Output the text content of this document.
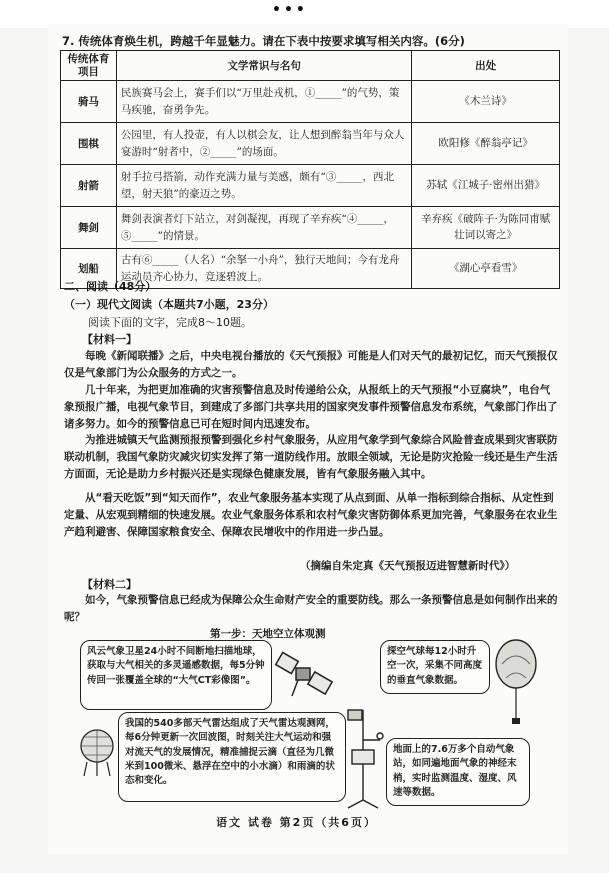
•••
7. 传统体育焕生机，跨越千年显魅力。请在下表中按要求填写相关内容。(6分)
传统体育项目	文学常识与名句	出处
骑马	民族赛马会上，赛手们以“万里赴戎机，①_____”的气势，策马疾驰，奋勇争先。	《木兰诗》
围棋	公园里，有人投壶，有人以棋会友，让人想到醉翁当年与众人宴游时“射者中，②_____”的场面。	欧阳修《醉翁亭记》
射箭	射手拉弓搭箭，动作充满力量与美感，颇有“③_____，西北望，射天狼”的豪迈之势。	苏轼《江城子·密州出猎》
舞剑	舞剑表演者灯下站立，对剑凝视，再现了辛弃疾“④_____，⑤_____”的情景。	辛弃疾《破阵子·为陈同甫赋壮词以寄之》
划船	古有⑥_____（人名）“余拏一小舟”，独行天地间；今有龙舟运动员齐心协力，竞逐碧波上。	《湖心亭看雪》
二、阅读（48分）
（一）现代文阅读（本题共7小题，23分）
阅读下面的文字，完成8～10题。
【材料一】
每晚《新闻联播》之后，中央电视台播放的《天气预报》可能是人们对天气的最初记忆，而天气预报仅仅是气象部门为公众服务的方式之一。
几十年来，为把更加准确的灾害预警信息及时传递给公众，从报纸上的天气预报“小豆腐块”，电台气象预报广播，电视气象节目，到建成了多部门共享共用的国家突发事件预警信息发布系统，气象部门作出了诸多努力。如今的预警信息已可在短时间内迅速发布。
为推进城镇天气监测预报预警到强化乡村气象服务，从应用气象学到气象综合风险普查成果到灾害联防联动机制，我国气象防灾减灾切实发挥了第一道防线作用。放眼全领域，无论是防灾抢险一线还是生产生活方面面，无论是助力乡村振兴还是实现绿色健康发展，皆有气象服务融入其中。
从“看天吃饭”到“知天而作”，农业气象服务基本实现了从点到面、从单一指标到综合指标、从定性到定量、从宏观到精细的快速发展。农业气象服务体系和农村气象灾害防御体系更加完善，气象服务在农业生产趋利避害、保障国家粮食安全、保障农民增收中的作用进一步凸显。
（摘编自朱定真《天气预报迈进智慧新时代》）
【材料二】
如今，气象预警信息已经成为保障公众生命财产安全的重要防线。那么一条预警信息是如何制作出来的呢？
第一步：天地空立体观测
风云气象卫星24小时不间断地扫描地球，获取与大气相关的多灵遥感数据，每5分钟传回一张覆盖全球的“大气CT彩像图”。
探空气球每12小时升空一次，采集不同高度的垂直气象数据。
我国的540多部天气雷达组成了天气雷达观测网，每6分钟更新一次回波图，时刻关注大气运动和强对流天气的发展情况，精准捕捉云滴（直径为几微米到100微米、悬浮在空中的小水滴）和雨滴的状态和变化。
地面上的7.6万多个自动气象站，如同遍地面气象的神经末梢，实时监测温度、湿度、风速等数据。
语文 试卷 第2页（共6页）
